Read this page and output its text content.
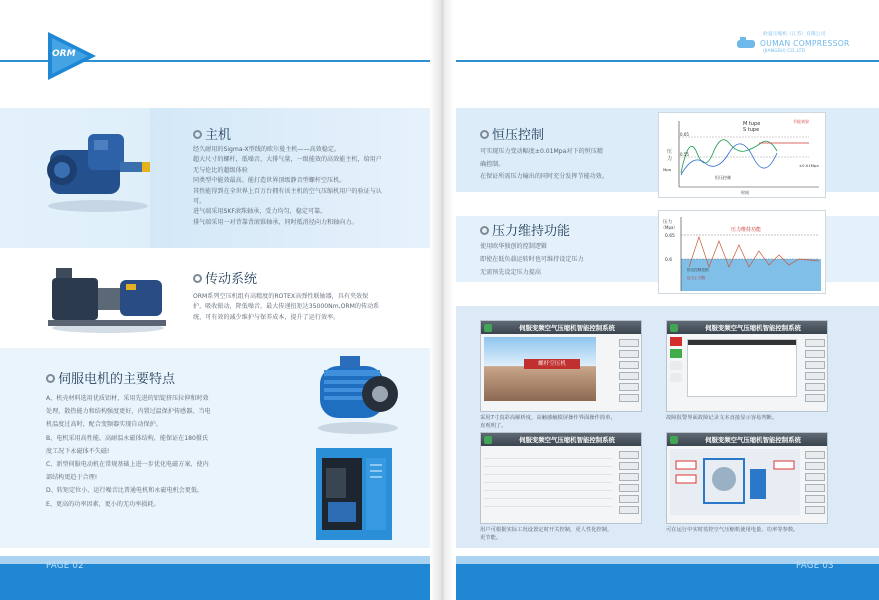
ORM
欧曼压缩机（江苏）有限公司
OUMAN COMPRESSOR
(JIANGSU) CO.,LTD
主机

经久耐用的Sigma-X型线的欧尔曼主机——高效稳定。

超大尺寸的螺杆，低噪音，大排气量，一级能效的高效能主机，给用户

无与伦比的超级体验

同类型中能效最高、能打造世界顶级静音型螺杆空压机。

其性能得到在全世界上百万台拥有该主机的空气压缩机用户的验证与认

可。

进气端采用SKF滚珠轴承，受力均匀，稳定可靠。

排气端采用一对背靠背滚锥轴承，同时抵消径向力和轴向力。

传动系统

ORM系列空压机组有高精度的ROTEX高弹性联轴器，具有夹效保

护，吸收振动，降低噪音，最大传递扭矩达35000Nm,ORM的传动系

统，可有效的减少维护与保养成本，提升了运行效率。

伺服电机的主要特点

A、机壳材料选用优质铝材，采用先进的铝锭挤压拉伸和时效

处理，散热能力和结构强度更好，内置过温保护传感器，当电

机温度过高时，配合变频器实现自动保护。

B、电机采用高性能、高耐温永磁体结构，能保证在180摄氏

度工况下永磁体不失磁!

C、新型伺服电动机在常规基础上进一步优化电磁方案，使内

部结构更趋于合理!

D、转矩定位小、运行噪音比普通电机和永磁电机会更低。

E、更高的功率因素，更小的无功率损耗。

恒压控制

可实现压力变动幅度±0.01Mpa对下的恒压精

确控制。

在保证所需压力输出的同时充分发挥节能功效。

M tupe
S tupe
节能效果
压
力
0.65
0.55
Mpa
±0.01Mpa
时间
恒压控制
压力维持功能

使用欧华独创的控制逻辑

即使在低负载运转时也可维持设定压力

无需预先设定压力提高

压力
（Mpa）
0.65
0.6
压力维持功能
恒压控制范围
压力上下限
伺服变频空气压缩机智能控制系统
螺杆空压机

采用7寸真彩高解析度，高触感触摸屏操作界面操作简单，

直观明了。

伺服变频空气压缩机智能控制系统

故障报警界面故障记录文本直接显示容易判断。

伺服变频空气压缩机智能控制系统

用户可根据实际工况设置定时开关控制，更人性化控制，

更节能。

伺服变频空气压缩机智能控制系统

可在运行中实时监控空气压缩机使用电量、功率等参数。

PAGE 02	PAGE 03
